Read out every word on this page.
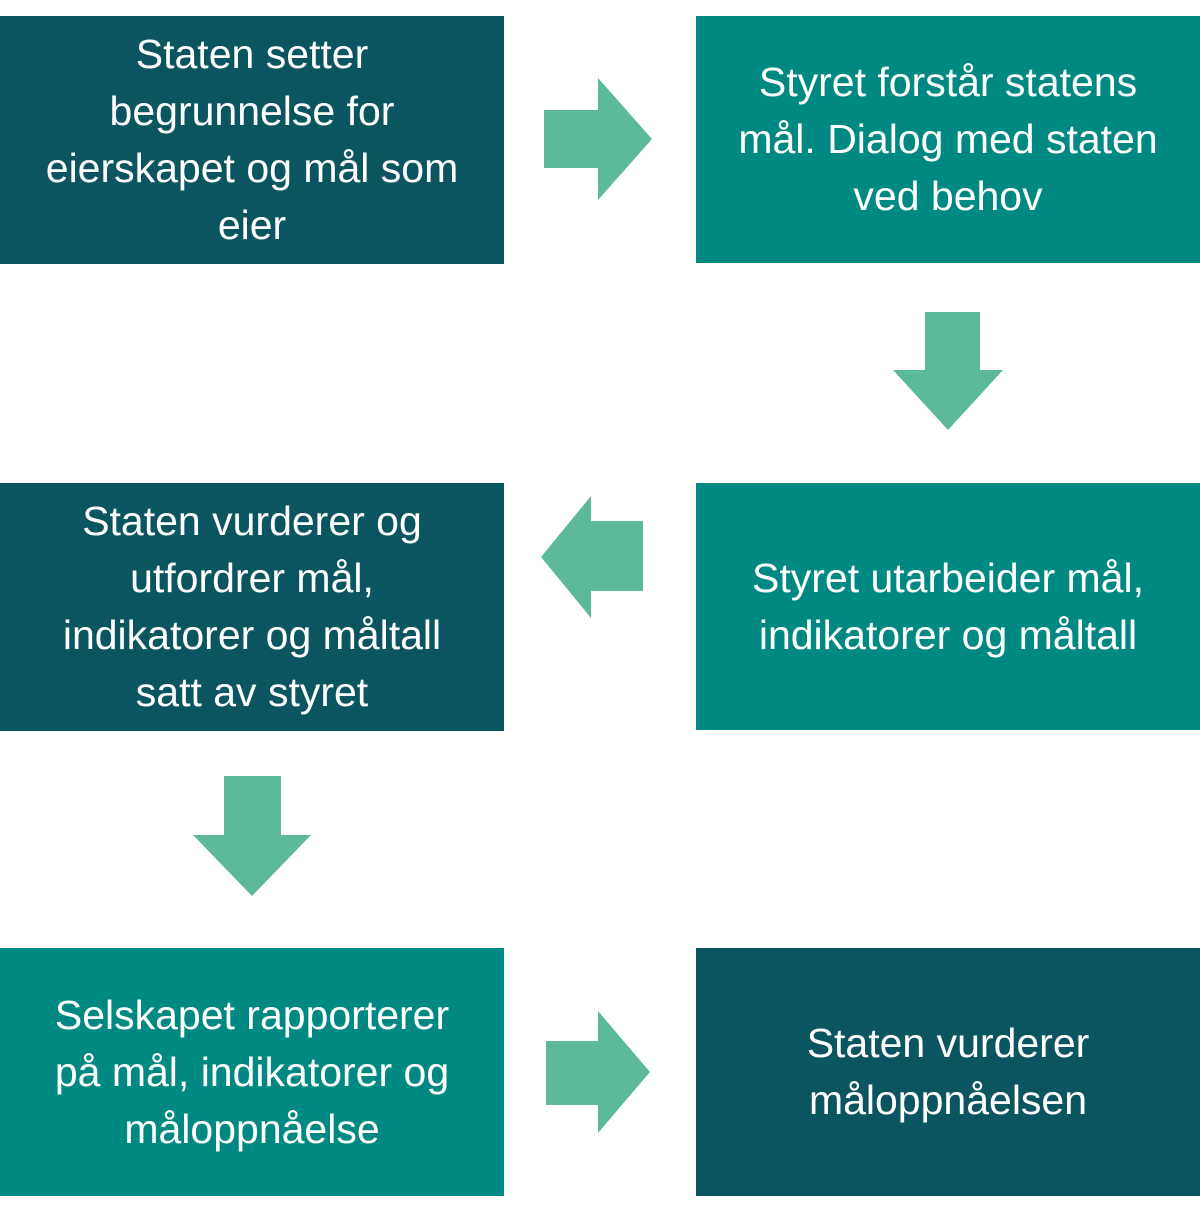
Staten setter
begrunnelse for
eierskapet og mål som
eier
Styret forstår statens
mål. Dialog med staten
ved behov
Staten vurderer og
utfordrer mål,
indikatorer og måltall
satt av styret
Styret utarbeider mål,
indikatorer og måltall
Selskapet rapporterer
på mål, indikatorer og
måloppnåelse
Staten vurderer
måloppnåelsen
